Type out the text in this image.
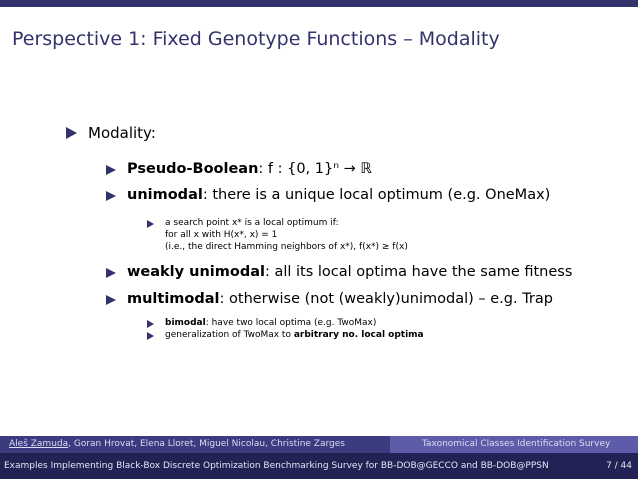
Perspective 1: Fixed Genotype Functions – Modality
Modality:
Pseudo-Boolean: f : {0, 1}ⁿ → ℝ
unimodal: there is a unique local optimum (e.g. OneMax)
a search point x* is a local optimum if:
for all x with H(x*, x) = 1
(i.e., the direct Hamming neighbors of x*), f(x*) ≥ f(x)
weakly unimodal: all its local optima have the same fitness
multimodal: otherwise (not (weakly)unimodal) – e.g. Trap
bimodal: have two local optima (e.g. TwoMax)
generalization of TwoMax to arbitrary no. local optima
Aleš Zamuda, Goran Hrovat, Elena Lloret, Miguel Nicolau, Christine Zarges	Taxonomical Classes Identification Survey
Examples Implementing Black-Box Discrete Optimization Benchmarking Survey for BB-DOB@GECCO and BB-DOB@PPSN	7 / 44
